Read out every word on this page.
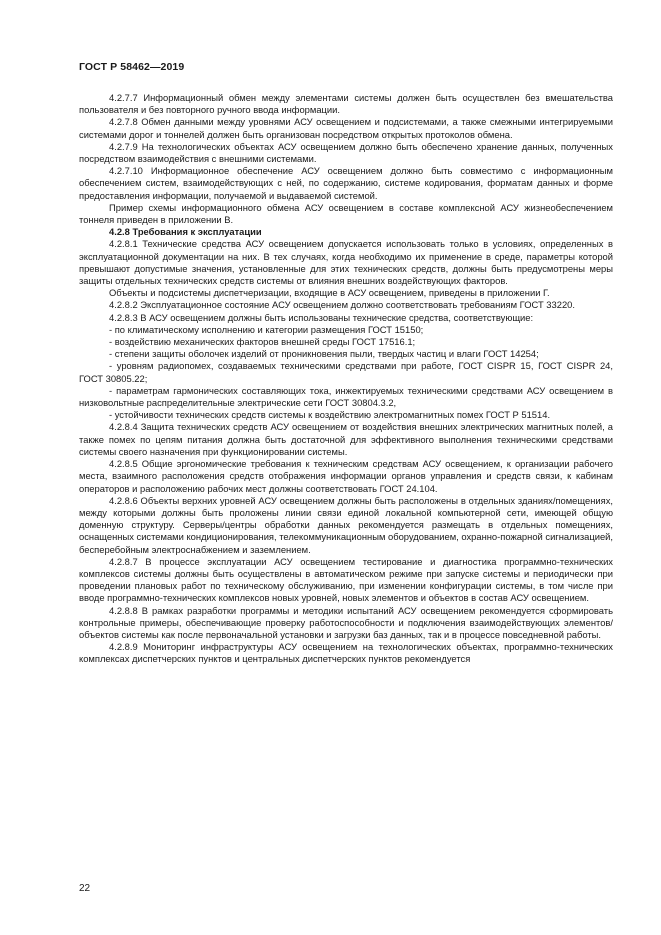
ГОСТ Р 58462—2019

4.2.7.7 Информационный обмен между элементами системы должен быть осуществлен без вмешательства пользователя и без повторного ручного ввода информации.

4.2.7.8 Обмен данными между уровнями АСУ освещением и подсистемами, а также смежными интегрируемыми системами дорог и тоннелей должен быть организован посредством открытых протоколов обмена.

4.2.7.9 На технологических объектах АСУ освещением должно быть обеспечено хранение данных, полученных посредством взаимодействия с внешними системами.

4.2.7.10 Информационное обеспечение АСУ освещением должно быть совместимо с информационным обеспечением систем, взаимодействующих с ней, по содержанию, системе кодирования, форматам данных и форме предоставления информации, получаемой и выдаваемой системой.

Пример схемы информационного обмена АСУ освещением в составе комплексной АСУ жизнеобеспечением тоннеля приведен в приложении В.

4.2.8 Требования к эксплуатации

4.2.8.1 Технические средства АСУ освещением допускается использовать только в условиях, определенных в эксплуатационной документации на них. В тех случаях, когда необходимо их применение в среде, параметры которой превышают допустимые значения, установленные для этих технических средств, должны быть предусмотрены меры защиты отдельных технических средств системы от влияния внешних воздействующих факторов.

Объекты и подсистемы диспетчеризации, входящие в АСУ освещением, приведены в приложении Г.

4.2.8.2 Эксплуатационное состояние АСУ освещением должно соответствовать требованиям ГОСТ 33220.

4.2.8.3 В АСУ освещением должны быть использованы технические средства, соответствующие:

- по климатическому исполнению и категории размещения ГОСТ 15150;

- воздействию механических факторов внешней среды ГОСТ 17516.1;

- степени защиты оболочек изделий от проникновения пыли, твердых частиц и влаги ГОСТ 14254;

- уровням радиопомех, создаваемых техническими средствами при работе, ГОСТ CISPR 15, ГОСТ CISPR 24, ГОСТ 30805.22;

- параметрам гармонических составляющих тока, инжектируемых техническими средствами АСУ освещением в низковольтные распределительные электрические сети ГОСТ 30804.3.2,

- устойчивости технических средств системы к воздействию электромагнитных помех ГОСТ Р 51514.

4.2.8.4 Защита технических средств АСУ освещением от воздействия внешних электрических магнитных полей, а также помех по цепям питания должна быть достаточной для эффективного выполнения техническими средствами системы своего назначения при функционировании системы.

4.2.8.5 Общие эргономические требования к техническим средствам АСУ освещением, к организации рабочего места, взаимного расположения средств отображения информации органов управления и средств связи, к кабинам операторов и расположению рабочих мест должны соответствовать ГОСТ 24.104.

4.2.8.6 Объекты верхних уровней АСУ освещением должны быть расположены в отдельных зданиях/помещениях, между которыми должны быть проложены линии связи единой локальной компьютерной сети, имеющей общую доменную структуру. Серверы/центры обработки данных рекомендуется размещать в отдельных помещениях, оснащенных системами кондиционирования, телекоммуникационным оборудованием, охранно-пожарной сигнализацией, бесперебойным электроснабжением и заземлением.

4.2.8.7 В процессе эксплуатации АСУ освещением тестирование и диагностика программно-технических комплексов системы должны быть осуществлены в автоматическом режиме при запуске системы и периодически при проведении плановых работ по техническому обслуживанию, при изменении конфигурации системы, в том числе при вводе программно-технических комплексов новых уровней, новых элементов и объектов в состав АСУ освещением.

4.2.8.8 В рамках разработки программы и методики испытаний АСУ освещением рекомендуется сформировать контрольные примеры, обеспечивающие проверку работоспособности и подключения взаимодействующих элементов/объектов системы как после первоначальной установки и загрузки баз данных, так и в процессе повседневной работы.

4.2.8.9 Мониторинг инфраструктуры АСУ освещением на технологических объектах, программно-технических комплексах диспетчерских пунктов и центральных диспетчерских пунктов рекомендуется

22
